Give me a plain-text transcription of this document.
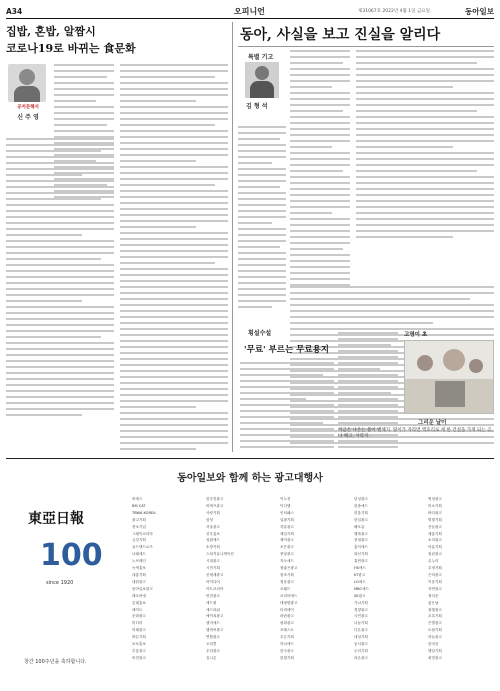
A34	오피니언	제31067호 2022년 4월 1일 금요일	동아일보
집밥, 혼밥, 알짬시
코로나19로 바뀌는 食문화
공저문해서
신 주 영
동아, 사실을 보고 진실을 알리다
특별 기고
김 형 석
횡설수설
'무료' 부르는 무료용지
고영이 초
그리운 날이
저금은 나온는 불이 별해지. 땅이가 자라면 액호리로 세 한 건설을 가게 되는 곳, 나 해고, 사라지.
東亞日報
100
since 1920
창간 100주년을 축하합니다.
동아일보와 함께 하는 광고대행사
비에스
BM CAT
TBWA KOREA
광고기획
중소기업
그레이코리아
금강기획
골드앤드로즈
나래애드
노브레인
녹색홍보
대홍기획
대한광고
동아일보광고
레오버넷
롯데홍보
메이트
문화광고
미디어
미래광고
바른기획
보보홍보
부흥광고
비전광고
블루밍광고
비에프광고
사랑기획
삼성
서울광고
선우홍보
성원애드
소망기획
스타커뮤니케이션
시대광고
시민기획
신세계광고
아이디어
아트코리아
안전광고
애드원
애드파워
에이치광고
엘지애드
엠비씨광고
연합광고
오리콤
우리광고
유니온
이노션
이디엠
인터패스
일광기획
자유광고
제일기획
제이광고
조은광고
중앙광고
지오애드
참좋은광고
창조기획
청운광고
코래드
코리아애드
태평양광고
티비에이
파란광고
평화광고
포레스트
푸른기획
하나애드
한국광고
한빛기획
한성광고
한솔애드
한울기획
한일광고
해오름
행복광고
현대광고
홍익애드
화신기획
휴먼광고
HS애드
KT광고
LG애드
MBC애드
SK광고
가나기획
경향광고
국민광고
나눔기획
다온광고
대성기획
동서광고
두리기획
라온광고
명성광고
미소기획
바다광고
별빛기획
산들광고
새롬기획
소리광고
아름기획
열린광고
온누리
우정기획
은하광고
이음기획
자연광고
정다운
좋은날
참빛광고
초록기획
큰별광고
토담기획
하늘광고
한마음
햇살기획
희망광고
